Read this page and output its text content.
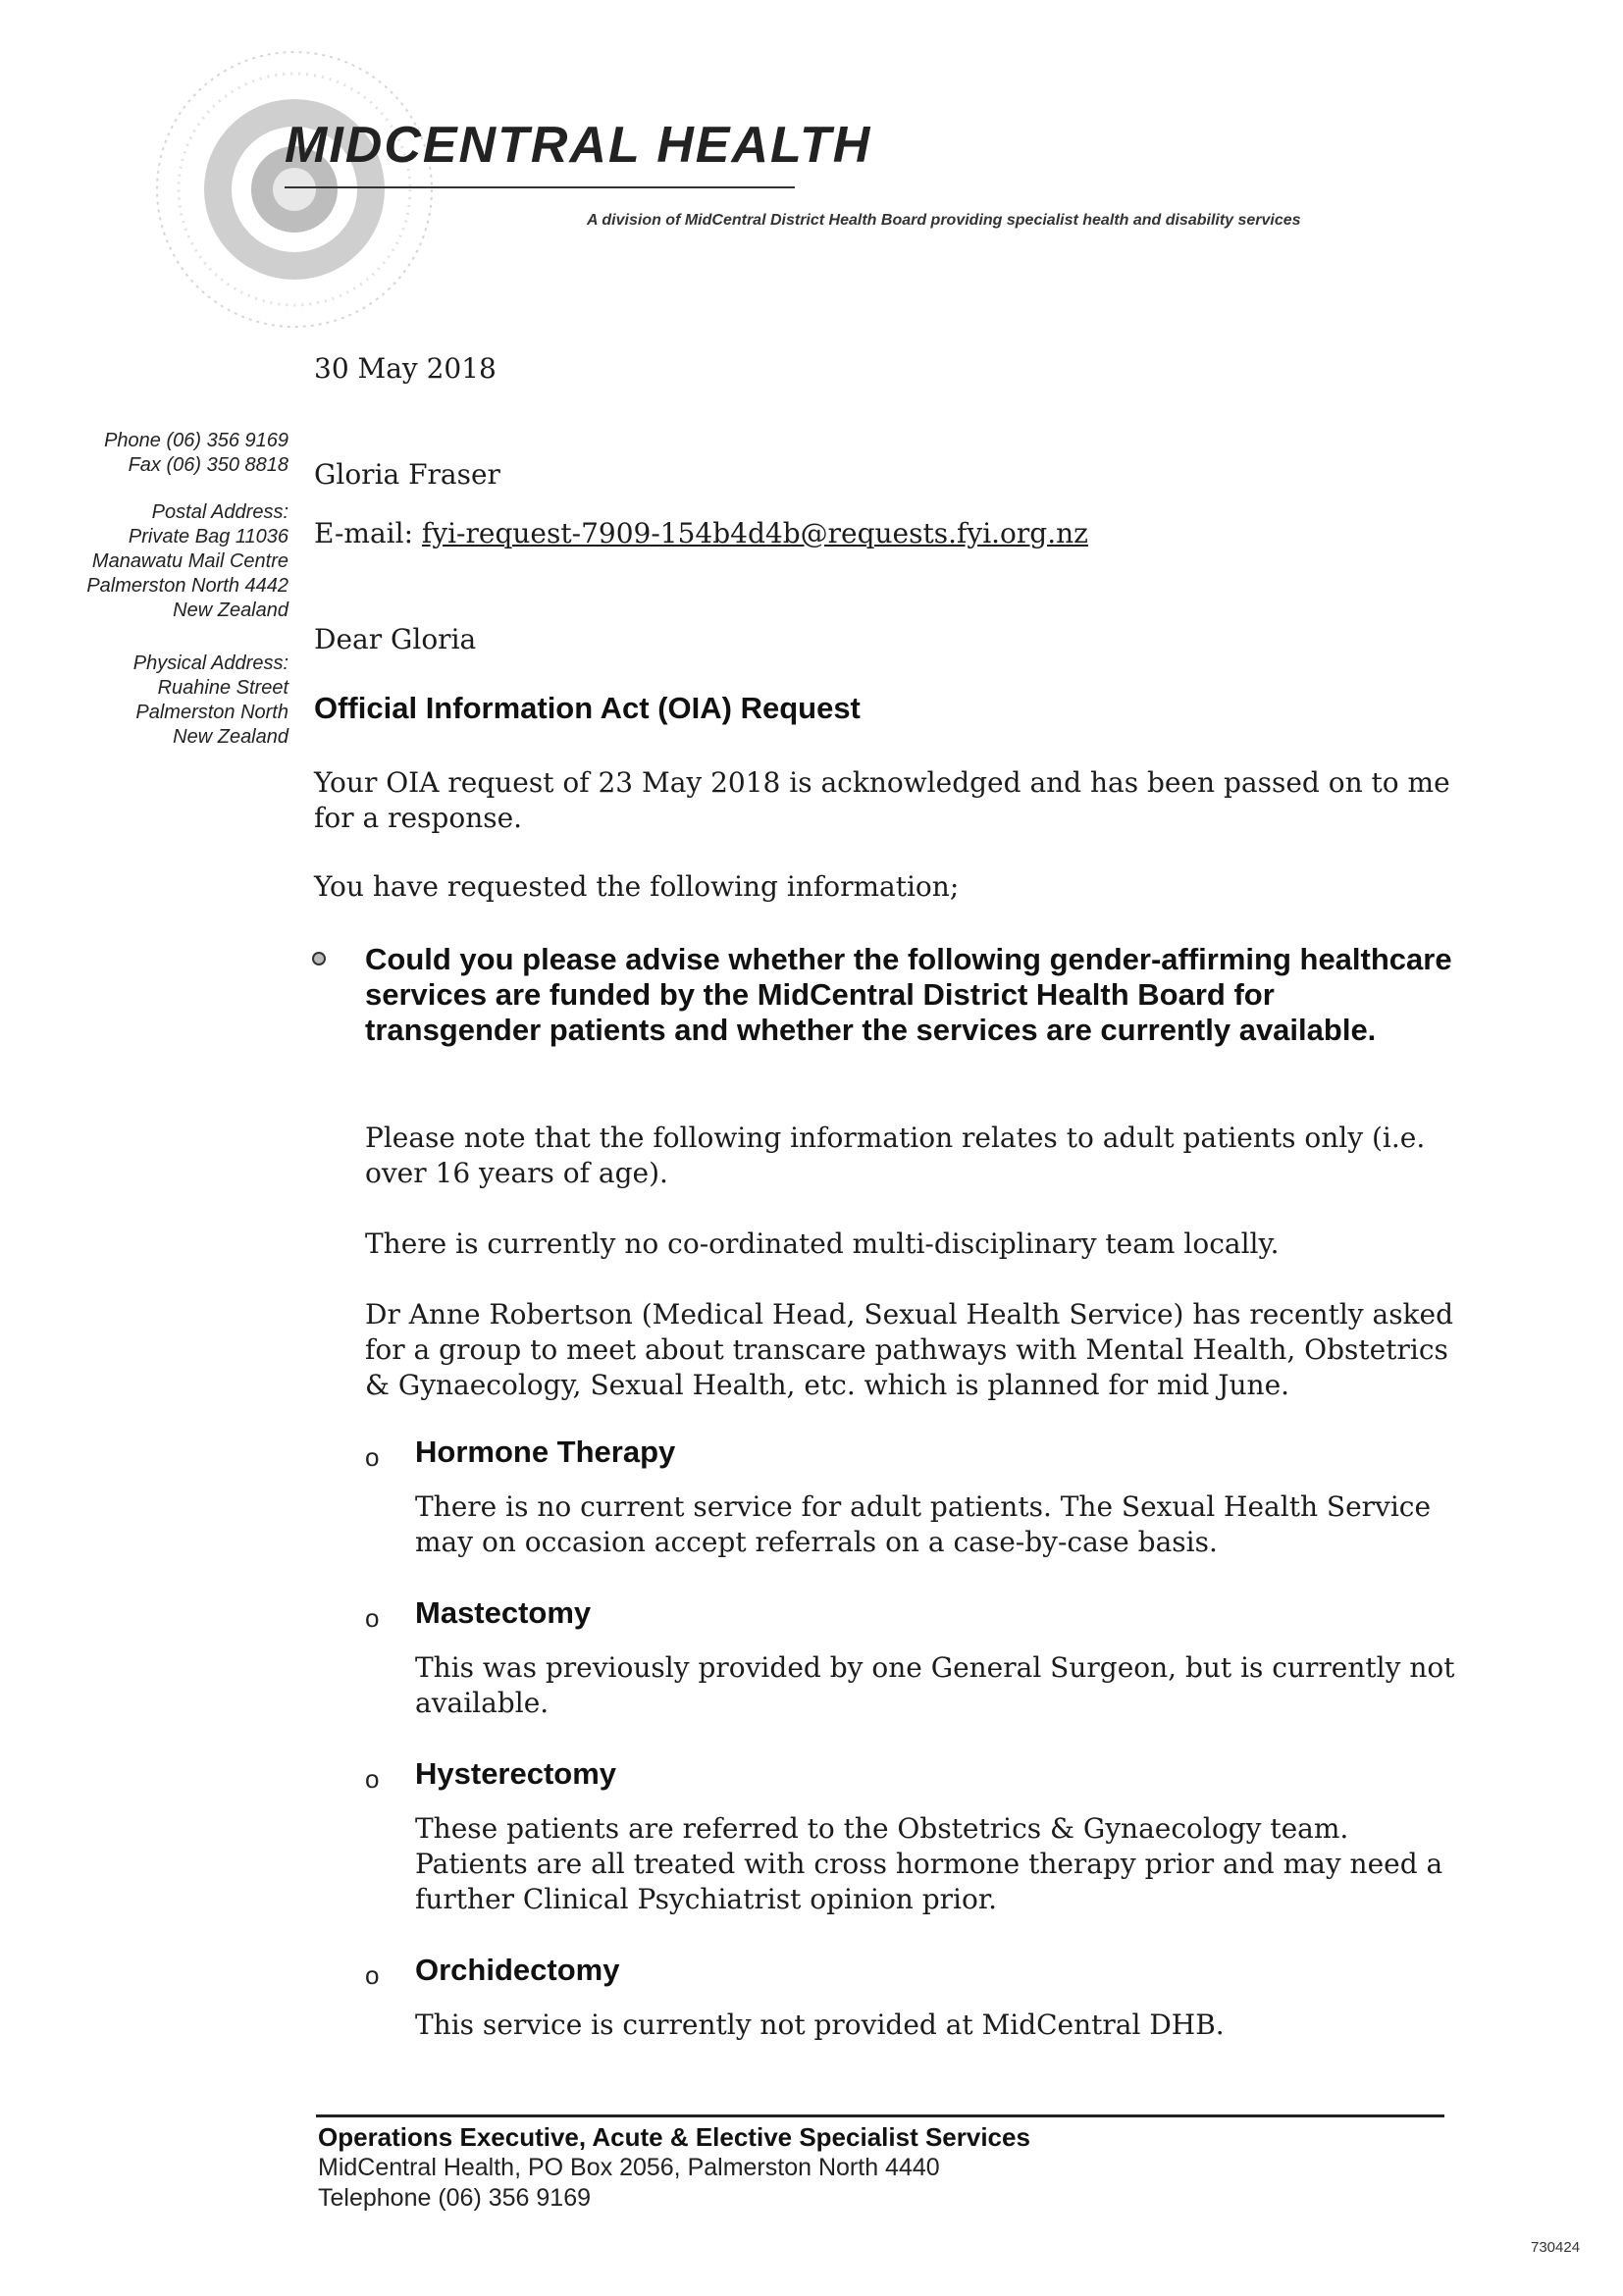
MIDCENTRAL HEALTH
A division of MidCentral District Health Board providing specialist health and disability services
Phone (06) 356 9169
Fax (06) 350 8818
Postal Address:
Private Bag 11036
Manawatu Mail Centre
Palmerston North 4442
New Zealand
Physical Address:
Ruahine Street
Palmerston North
New Zealand
30 May 2018
Gloria Fraser
E-mail: fyi-request-7909-154b4d4b@requests.fyi.org.nz
Dear Gloria
Official Information Act (OIA) Request
Your OIA request of 23 May 2018 is acknowledged and has been passed on to me for a response.
You have requested the following information;
Could you please advise whether the following gender-affirming healthcare services are funded by the MidCentral District Health Board for transgender patients and whether the services are currently available.
Please note that the following information relates to adult patients only (i.e. over 16 years of age).
There is currently no co-ordinated multi-disciplinary team locally.
Dr Anne Robertson (Medical Head, Sexual Health Service) has recently asked for a group to meet about transcare pathways with Mental Health, Obstetrics & Gynaecology, Sexual Health, etc. which is planned for mid June.
o Hormone Therapy
There is no current service for adult patients. The Sexual Health Service may on occasion accept referrals on a case-by-case basis.
o Mastectomy
This was previously provided by one General Surgeon, but is currently not available.
o Hysterectomy
These patients are referred to the Obstetrics & Gynaecology team. Patients are all treated with cross hormone therapy prior and may need a further Clinical Psychiatrist opinion prior.
o Orchidectomy
This service is currently not provided at MidCentral DHB.
Operations Executive, Acute & Elective Specialist Services
MidCentral Health, PO Box 2056, Palmerston North 4440
Telephone (06) 356 9169
730424
